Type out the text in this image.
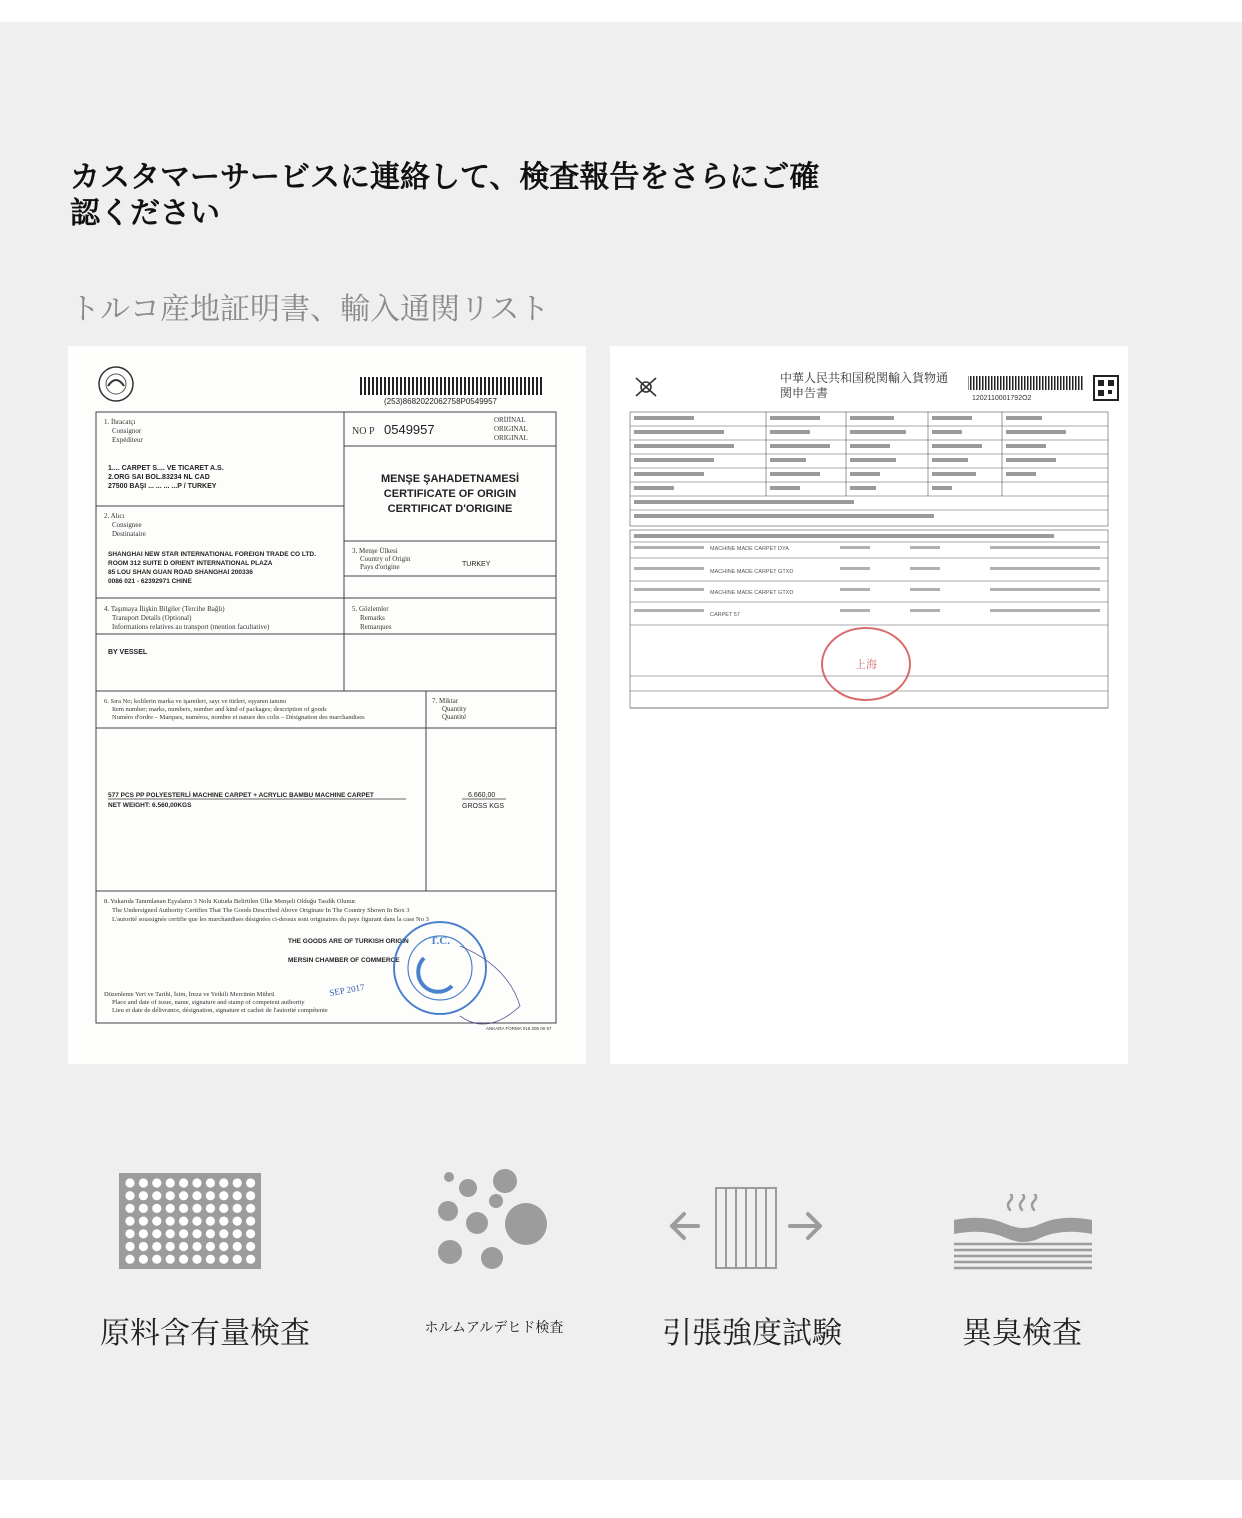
カスタマーサービスに連絡して、検査報告をさらにご確認ください
トルコ産地証明書、輸入通関リスト
(253)8682022062758P0549957
1. İhracatçı
Consignor
Expéditeur
1.... CARPET S.... VE TICARET A.S.
2.ORG SAI BOL.83234 NL CAD
27500 BAŞI ... ... ... ...P / TURKEY
NO P 0549957
ORİJİNAL
ORIGINAL
ORIGINAL
MENŞE ŞAHADETNAMESİ
CERTIFICATE OF ORIGIN
CERTIFICAT D'ORIGINE
2. Alıcı
Consignee
Destinataire
SHANGHAI NEW STAR INTERNATIONAL FOREIGN TRADE CO LTD.
ROOM 312 SUITE D ORIENT INTERNATIONAL PLAZA
85 LOU SHAN GUAN ROAD SHANGHAI 200336
0086 021 - 62392971 CHINE
3. Menşe Ülkesi
Country of Origin
Pays d'origine	TURKEY
4. Taşımaya İlişkin Bilgiler (Tercihe Bağlı)
Transport Details (Optional)
Informations relatives au transport (mention facultative)
BY VESSEL
5. Gözlemler
Remarks
Remarques
6. Sıra No; kolilerin marka ve işaretleri, sayı ve türleri, eşyanın tanımı
Item number; marks, numbers, number and kind of packages; description of goods
Numéro d'ordre – Marques, numéros, nombre et nature des colis – Désignation des marchandises
7. Miktar
Quantity
Quantité
577 PCS PP POLYESTERLİ MACHINE CARPET + ACRYLIC BAMBU MACHINE CARPET
NET WEIGHT: 6.560,00KGS
6.660,00
GROSS KGS
8. Yukarıda Tanımlanan Eşyaların 3 Nolu Kutuda Belirtilen Ülke Menşeli Olduğu Tasdik Olunur.
The Undersigned Authority Certifies That The Goods Described Above Originate In The Country Shown In Box 3
L'autorité soussignée certifie que les marchandises désignées ci-dessus sont originaires du pays figurant dans la case No 3
THE GOODS ARE OF TURKISH ORIGIN
MERSIN CHAMBER OF COMMERCE
Düzenleme Yeri ve Tarihi, İsim, İmza ve Yetkili Mercünin Mührü
Place and date of issue, name, signature and stamp of competent authority
Lieu et date de délivrance, désignation, signature et cachet de l'autorité compétente
T.C.
SEP 2017
ANKARA FORMA 015 205 00 67
中華人民共和国税関輸入貨物通
関申告書	1202110001792O2
MACHINE MADE CARPET DYA
MACHINE MADE CARPET GTXD
MACHINE MADE CARPET GTXD
CARPET 57
上海
原料含有量検査	ホルムアルデヒド検査	引張強度試験	異臭検査
